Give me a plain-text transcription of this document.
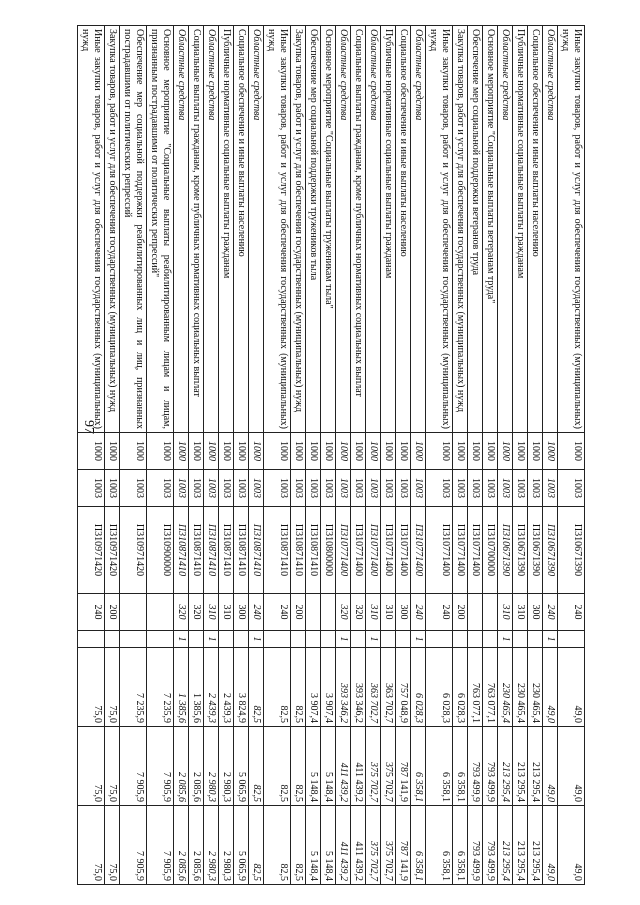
97	Иные закупки товаров, работ и услуг для обеспечения государственных (муниципальных) нужд	1000	1003	П310671390	240		49,0	49,0	49,0
Областные средства	1000	1003	П310671390	240	1	49,0	49,0	49,0
Социальное обеспечение и иные выплаты населению	1000	1003	П310671390	300		230 465,4	213 295,4	213 295,4
Публичные нормативные социальные выплаты гражданам	1000	1003	П310671390	310		230 465,4	213 295,4	213 295,4
Областные средства	1000	1003	П310671390	310	1	230 465,4	213 295,4	213 295,4
Основное мероприятие "Социальные выплаты ветеранам труда"	1000	1003	П310700000			763 077,1	793 499,9	793 499,9
Обеспечение мер социальной поддержки ветеранов труда	1000	1003	П310771400			763 077,1	793 499,9	793 499,9
Закупка товаров, работ и услуг для обеспечения государственных (муниципальных) нужд	1000	1003	П310771400	200		6 028,3	6 358,1	6 358,1
Иные закупки товаров, работ и услуг для обеспечения государственных (муниципальных) нужд	1000	1003	П310771400	240		6 028,3	6 358,1	6 358,1
Областные средства	1000	1003	П310771400	240	1	6 028,3	6 358,1	6 358,1
Социальное обеспечение и иные выплаты населению	1000	1003	П310771400	300		757 048,9	787 141,9	787 141,9
Публичные нормативные социальные выплаты гражданам	1000	1003	П310771400	310		363 702,7	375 702,7	375 702,7
Областные средства	1000	1003	П310771400	310	1	363 702,7	375 702,7	375 702,7
Социальные выплаты гражданам, кроме публичных нормативных социальных выплат	1000	1003	П310771400	320		393 346,2	411 439,2	411 439,2
Областные средства	1000	1003	П310771400	320	1	393 346,2	411 439,2	411 439,2
Основное мероприятие "Социальные выплаты труженикам тыла"	1000	1003	П310800000			3 907,4	5 148,4	5 148,4
Обеспечение мер социальной поддержки тружеников тыла	1000	1003	П310871410			3 907,4	5 148,4	5 148,4
Закупка товаров, работ и услуг для обеспечения государственных (муниципальных) нужд	1000	1003	П310871410	200		82,5	82,5	82,5
Иные закупки товаров, работ и услуг для обеспечения государственных (муниципальных) нужд	1000	1003	П310871410	240		82,5	82,5	82,5
Областные средства	1000	1003	П310871410	240	1	82,5	82,5	82,5
Социальное обеспечение и иные выплаты населению	1000	1003	П310871410	300		3 824,9	5 065,9	5 065,9
Публичные нормативные социальные выплаты гражданам	1000	1003	П310871410	310		2 439,3	2 980,3	2 980,3
Областные средства	1000	1003	П310871410	310	1	2 439,3	2 980,3	2 980,3
Социальные выплаты гражданам, кроме публичных нормативных социальных выплат	1000	1003	П310871410	320		1 385,6	2 085,6	2 085,6
Областные средства	1000	1003	П310871410	320	1	1 385,6	2 085,6	2 085,6
Основное мероприятие "Социальные выплаты реабилитированным лицам и лицам, признанным пострадавшими от политических репрессий"	1000	1003	П310900000			7 235,9	7 905,9	7 905,9
Обеспечение мер социальной поддержки реабилитированных лиц и лиц, признанных пострадавшими от политических репрессий	1000	1003	П310971420			7 235,9	7 905,9	7 905,9
Закупка товаров, работ и услуг для обеспечения государственных (муниципальных) нужд	1000	1003	П310971420	200		75,0	75,0	75,0
Иные закупки товаров, работ и услуг для обеспечения государственных (муниципальных) нужд	1000	1003	П310971420	240		75,0	75,0	75,0
